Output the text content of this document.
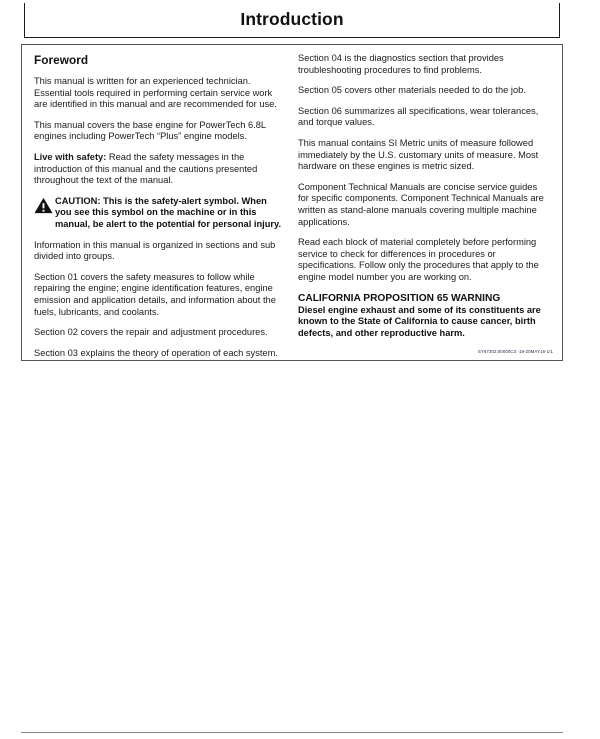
Introduction
Foreword

This manual is written for an experienced technician. Essential tools required in performing certain service work are identified in this manual and are recommended for use.

This manual covers the base engine for PowerTech 6.8L engines including PowerTech “Plus” engine models.

Live with safety: Read the safety messages in the introduction of this manual and the cautions presented throughout the text of the manual.

CAUTION: This is the safety-alert symbol. When you see this symbol on the machine or in this manual, be alert to the potential for personal injury.

Information in this manual is organized in sections and sub divided into groups.

Section 01 covers the safety measures to follow while repairing the engine; engine identification features, engine emission and application details, and information about the fuels, lubricants, and coolants.

Section 02 covers the repair and adjustment procedures.

Section 03 explains the theory of operation of each system.

Section 04 is the diagnostics section that provides troubleshooting procedures to find problems.

Section 05 covers other materials needed to do the job.

Section 06 summarizes all specifications, wear tolerances, and torque values.

This manual contains SI Metric units of measure followed immediately by the U.S. customary units of measure. Most hardware on these engines is metric sized.

Component Technical Manuals are concise service guides for specific components. Component Technical Manuals are written as stand-alone manuals covering multiple machine applications.

Read each block of material completely before performing service to check for differences in procedures or specifications. Follow only the procedures that apply to the engine model number you are working on.

CALIFORNIA PROPOSITION 65 WARNING

Diesel engine exhaust and some of its constituents are known to the State of California to cause cancer, birth defects, and other reproductive harm.

SY67302,00000C3 -19-20MAY16-1/1
